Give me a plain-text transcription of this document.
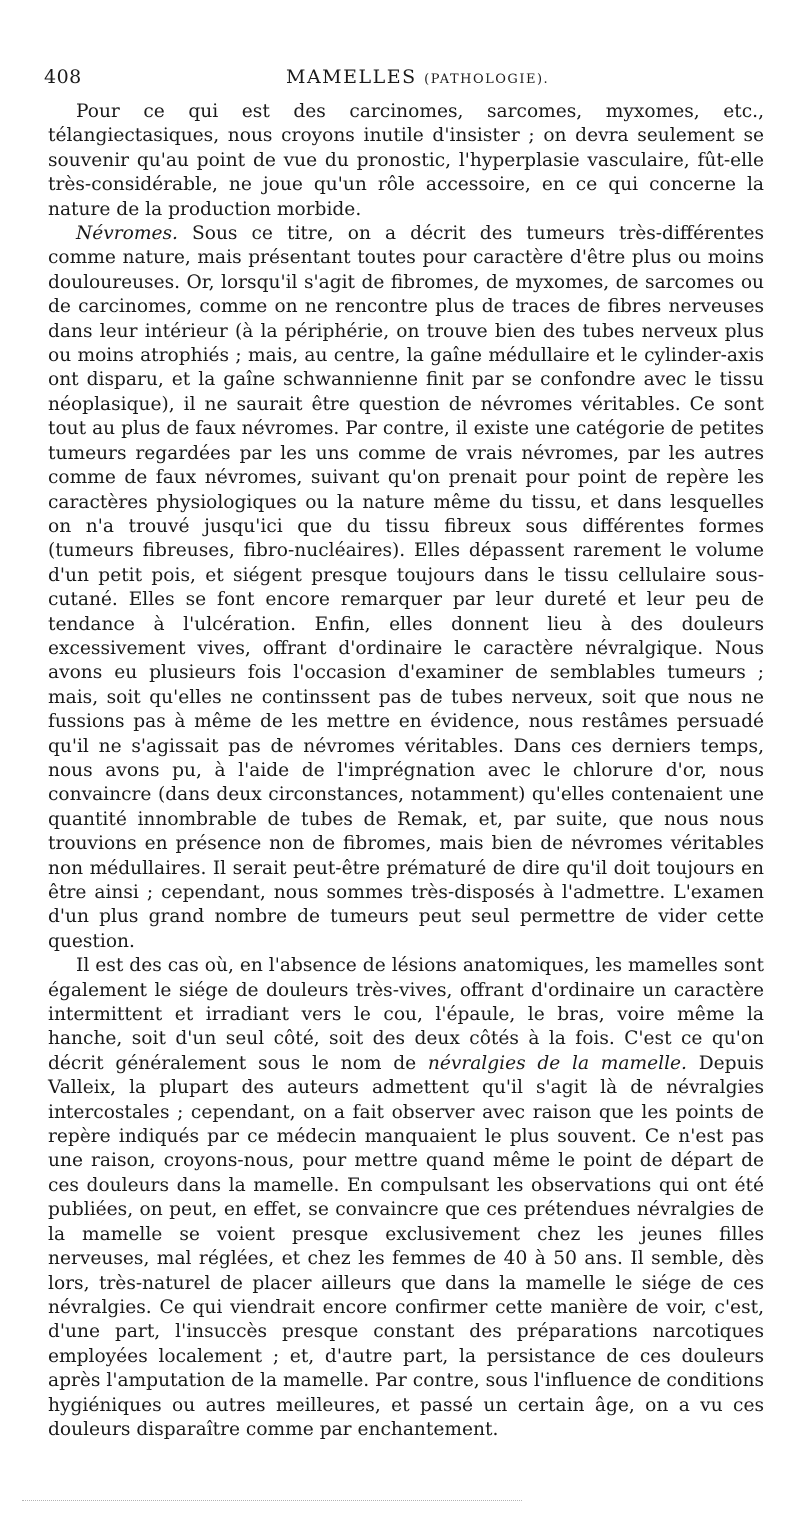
408	MAMELLES (PATHOLOGIE).

Pour ce qui est des carcinomes, sarcomes, myxomes, etc., télangiectasiques, nous croyons inutile d'insister ; on devra seulement se souvenir qu'au point de vue du pronostic, l'hyperplasie vasculaire, fût-elle très-considérable, ne joue qu'un rôle accessoire, en ce qui concerne la nature de la production morbide.

Névromes. Sous ce titre, on a décrit des tumeurs très-différentes comme nature, mais présentant toutes pour caractère d'être plus ou moins douloureuses. Or, lorsqu'il s'agit de fibromes, de myxomes, de sarcomes ou de carcinomes, comme on ne rencontre plus de traces de fibres nerveuses dans leur intérieur (à la périphérie, on trouve bien des tubes nerveux plus ou moins atrophiés ; mais, au centre, la gaîne médullaire et le cylinder-axis ont disparu, et la gaîne schwannienne finit par se confondre avec le tissu néoplasique), il ne saurait être question de névromes véritables. Ce sont tout au plus de faux névromes. Par contre, il existe une catégorie de petites tumeurs regardées par les uns comme de vrais névromes, par les autres comme de faux névromes, suivant qu'on prenait pour point de repère les caractères physiologiques ou la nature même du tissu, et dans lesquelles on n'a trouvé jusqu'ici que du tissu fibreux sous différentes formes (tumeurs fibreuses, fibro-nucléaires). Elles dépassent rarement le volume d'un petit pois, et siégent presque toujours dans le tissu cellulaire sous-cutané. Elles se font encore remarquer par leur dureté et leur peu de tendance à l'ulcération. Enfin, elles donnent lieu à des douleurs excessivement vives, offrant d'ordinaire le caractère névralgique. Nous avons eu plusieurs fois l'occasion d'examiner de semblables tumeurs ; mais, soit qu'elles ne continssent pas de tubes nerveux, soit que nous ne fussions pas à même de les mettre en évidence, nous restâmes persuadé qu'il ne s'agissait pas de névromes véritables. Dans ces derniers temps, nous avons pu, à l'aide de l'imprégnation avec le chlorure d'or, nous convaincre (dans deux circonstances, notamment) qu'elles contenaient une quantité innombrable de tubes de Remak, et, par suite, que nous nous trouvions en présence non de fibromes, mais bien de névromes véritables non médullaires. Il serait peut-être prématuré de dire qu'il doit toujours en être ainsi ; cependant, nous sommes très-disposés à l'admettre. L'examen d'un plus grand nombre de tumeurs peut seul permettre de vider cette question.

Il est des cas où, en l'absence de lésions anatomiques, les mamelles sont également le siége de douleurs très-vives, offrant d'ordinaire un caractère intermittent et irradiant vers le cou, l'épaule, le bras, voire même la hanche, soit d'un seul côté, soit des deux côtés à la fois. C'est ce qu'on décrit généralement sous le nom de névralgies de la mamelle. Depuis Valleix, la plupart des auteurs admettent qu'il s'agit là de névralgies intercostales ; cependant, on a fait observer avec raison que les points de repère indiqués par ce médecin manquaient le plus souvent. Ce n'est pas une raison, croyons-nous, pour mettre quand même le point de départ de ces douleurs dans la mamelle. En compulsant les observations qui ont été publiées, on peut, en effet, se convaincre que ces prétendues névralgies de la mamelle se voient presque exclusivement chez les jeunes filles nerveuses, mal réglées, et chez les femmes de 40 à 50 ans. Il semble, dès lors, très-naturel de placer ailleurs que dans la mamelle le siége de ces névralgies. Ce qui viendrait encore confirmer cette manière de voir, c'est, d'une part, l'insuccès presque constant des préparations narcotiques employées localement ; et, d'autre part, la persistance de ces douleurs après l'amputation de la mamelle. Par contre, sous l'influence de conditions hygiéniques ou autres meilleures, et passé un certain âge, on a vu ces douleurs disparaître comme par enchantement.
